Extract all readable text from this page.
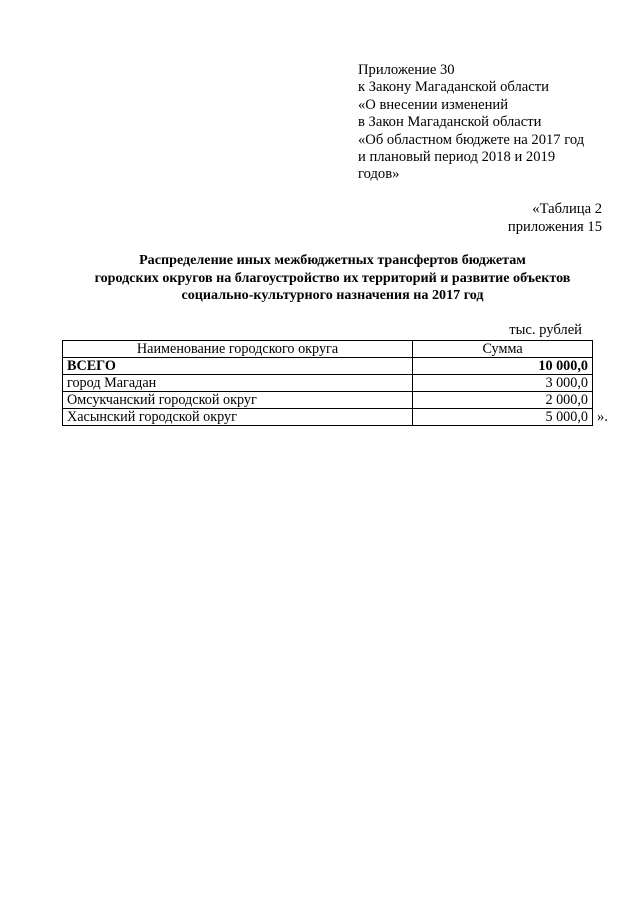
Приложение 30
к Закону Магаданской области
«О внесении изменений
в Закон Магаданской области
«Об областном бюджете на 2017 год
и плановый период 2018 и 2019
годов»
«Таблица 2
приложения 15
Распределение иных межбюджетных трансфертов бюджетам
городских округов на благоустройство их территорий и развитие объектов
социально-культурного назначения на 2017 год
тыс. рублей
Наименование городского округа	Сумма
ВСЕГО	10 000,0
город Магадан	3 000,0
Омсукчанский городской округ	2 000,0
Хасынский городской округ	5 000,0 ».
